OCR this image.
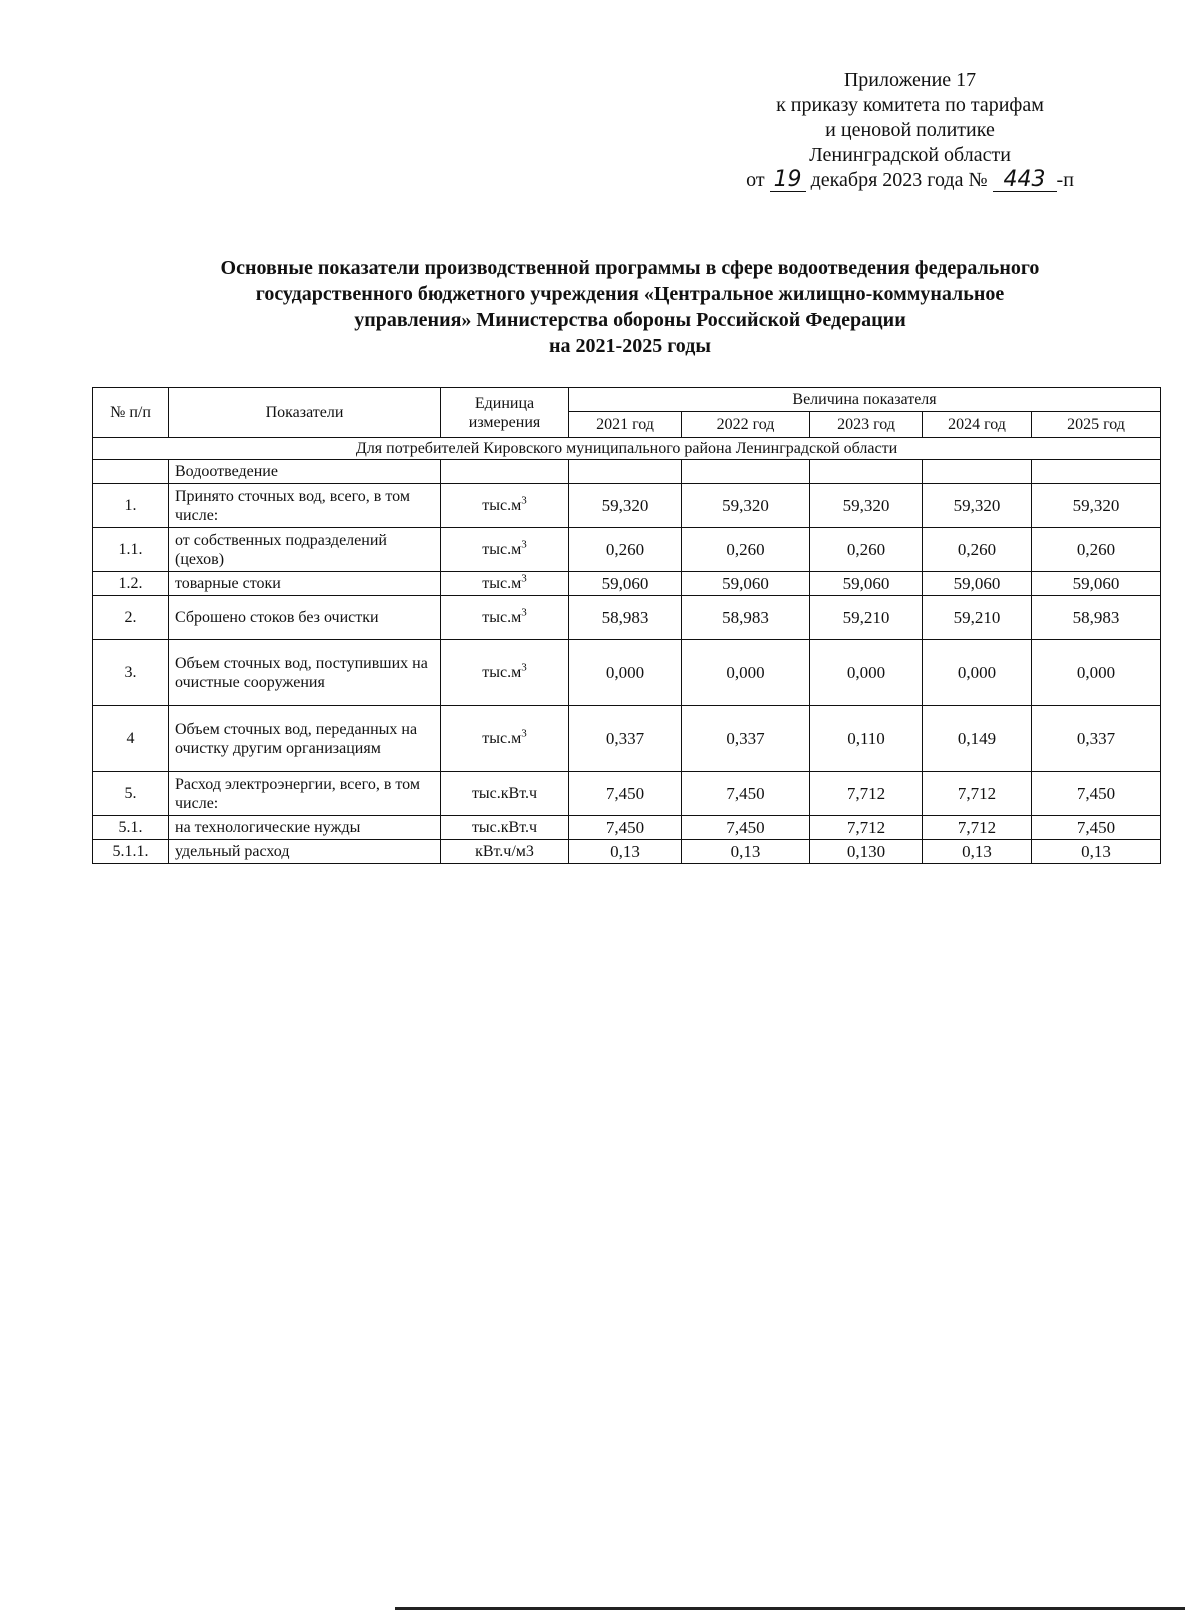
Приложение 17
к приказу комитета по тарифам
и ценовой политике
Ленинградской области
от 19 декабря 2023 года № 443 -п
Основные показатели производственной программы в сфере водоотведения федерального
государственного бюджетного учреждения «Центральное жилищно-коммунальное
управления» Министерства обороны Российской Федерации
на 2021-2025 годы
№ п/п	Показатели	Единица измерения	Величина показателя				
			2021 год	2022 год	2023 год	2024 год	2025 год
Для потребителей Кировского муниципального района Ленинградской области							
	Водоотведение						
1.	Принято сточных вод, всего, в том числе:	$тыс.м^3$	59,320	59,320	59,320	59,320	59,320
1.1.	от собственных подразделений (цехов)	$тыс.м^3$	0,260	0,260	0,260	0,260	0,260
1.2.	товарные стоки	$тыс.м^3$	59,060	59,060	59,060	59,060	59,060
2.	Сброшено стоков без очистки	$тыс.м^3$	58,983	58,983	59,210	59,210	58,983
3.	Объем сточных вод, поступивших на очистные сооружения	$тыс.м^3$	0,000	0,000	0,000	0,000	0,000
4	Объем сточных вод, переданных на очистку другим организациям	$тыс.м^3$	0,337	0,337	0,110	0,149	0,337
5.	Расход электроэнергии, всего, в том числе:	тыс.кВт.ч	7,450	7,450	7,712	7,712	7,450
5.1.	на технологические нужды	тыс.кВт.ч	7,450	7,450	7,712	7,712	7,450
5.1.1.	удельный расход	кВт.ч/м3	0,13	0,13	0,130	0,13	0,13
